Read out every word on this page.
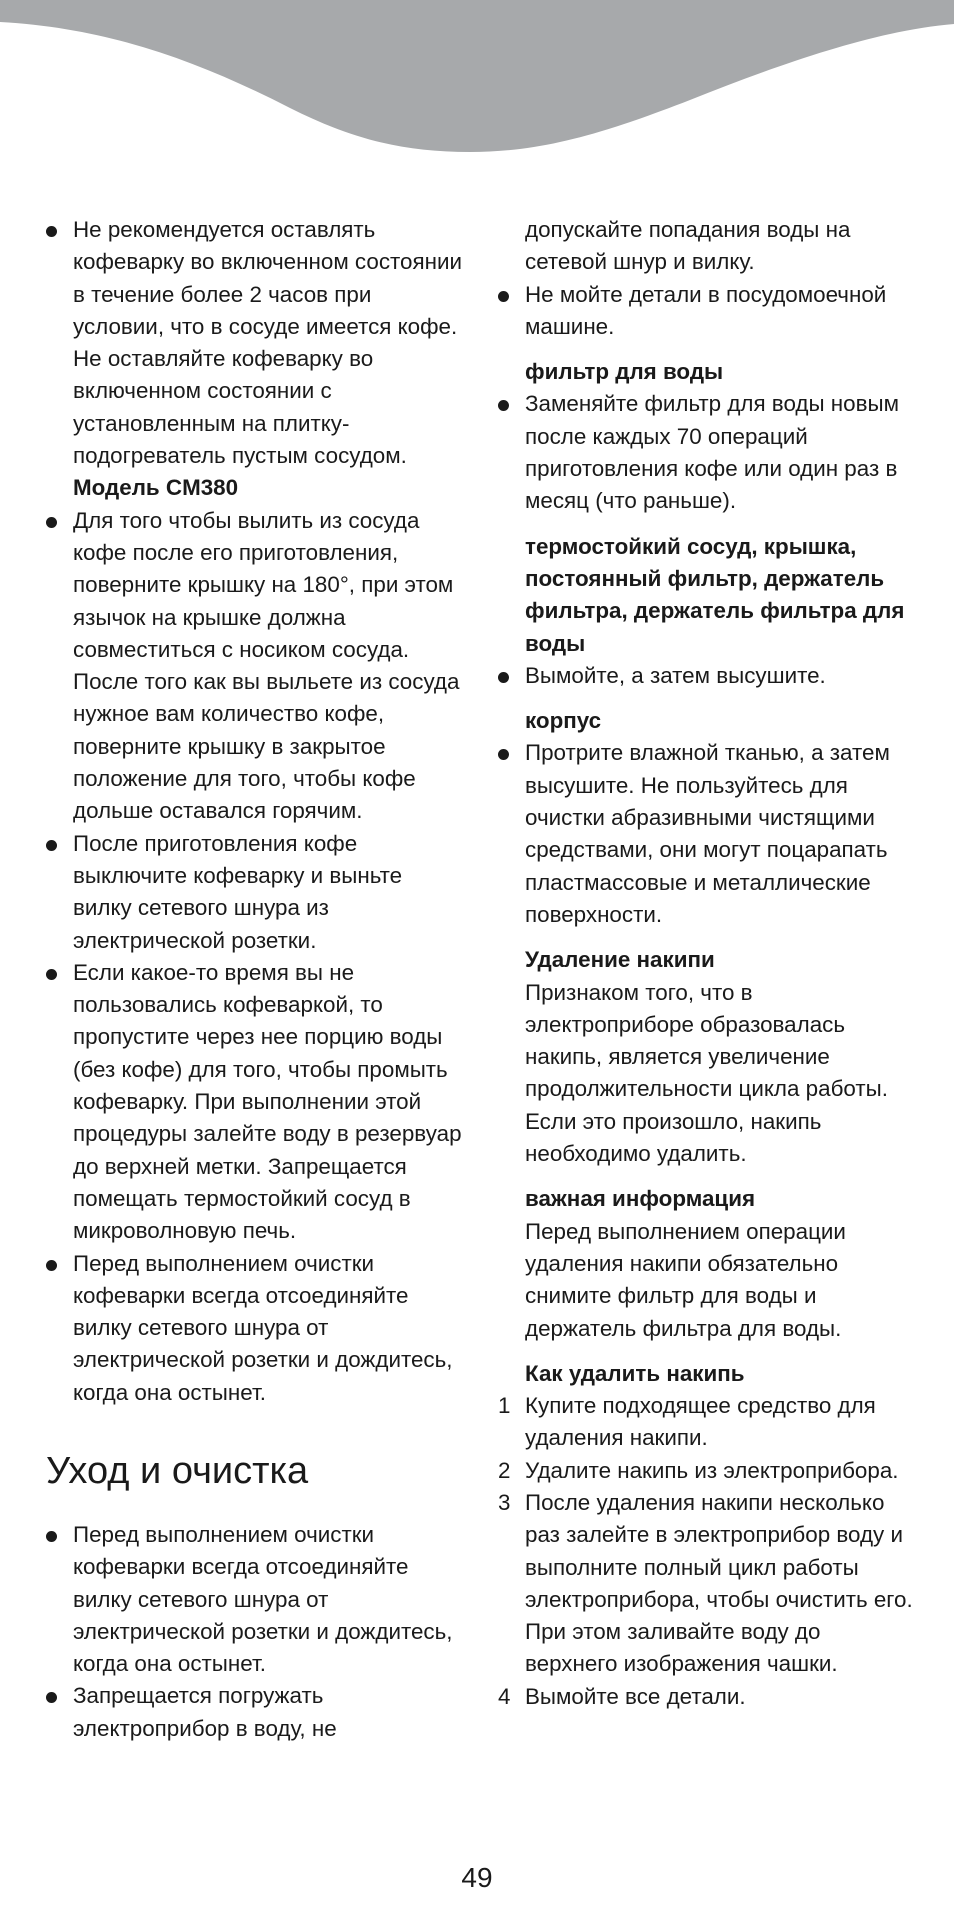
Не рекомендуется оставлять кофеварку во включенном состоянии в течение более 2 часов при условии, что в сосуде имеется кофе. Не оставляйте кофеварку во включенном состоянии с установленным на плитку-подогреватель пустым сосудом.

Модель CM380

Для того чтобы вылить из сосуда кофе после его приготовления, поверните крышку на 180°, при этом язычок на крышке должна совместиться с носиком сосуда. После того как вы выльете из сосуда нужное вам количество кофе, поверните крышку в закрытое положение для того, чтобы кофе дольше оставался горячим.

После приготовления кофе выключите кофеварку и выньте вилку сетевого шнура из электрической розетки.

Если какое-то время вы не пользовались кофеваркой, то пропустите через нее порцию воды (без кофе) для того, чтобы промыть кофеварку. При выполнении этой процедуры залейте воду в резервуар до верхней метки. Запрещается помещать термостойкий сосуд в микроволновую печь.

Перед выполнением очистки кофеварки всегда отсоединяйте вилку сетевого шнура от электрической розетки и дождитесь, когда она остынет.

Уход и очистка

Перед выполнением очистки кофеварки всегда отсоединяйте вилку сетевого шнура от электрической розетки и дождитесь, когда она остынет.

Запрещается погружать электроприбор в воду, не

допускайте попадания воды на сетевой шнур и вилку.

Не мойте детали в посудомоечной машине.

фильтр для воды

Заменяйте фильтр для воды новым после каждых 70 операций приготовления кофе или один раз в месяц (что раньше).

термостойкий сосуд, крышка, постоянный фильтр, держатель фильтра, держатель фильтра для воды

Вымойте, а затем высушите.

корпус

Протрите влажной тканью, а затем высушите. Не пользуйтесь для очистки абразивными чистящими средствами, они могут поцарапать пластмассовые и металлические поверхности.

Удаление накипи

Признаком того, что в электроприборе образовалась накипь, является увеличение продолжительности цикла работы. Если это произошло, накипь необходимо удалить.

важная информация

Перед выполнением операции удаления накипи обязательно снимите фильтр для воды и держатель фильтра для воды.

Как удалить накипь

1 Купите подходящее средство для удаления накипи.

2 Удалите накипь из электроприбора.

3 После удаления накипи несколько раз залейте в электроприбор воду и выполните полный цикл работы электроприбора, чтобы очистить его. При этом заливайте воду до верхнего изображения чашки.

4 Вымойте все детали.

49
